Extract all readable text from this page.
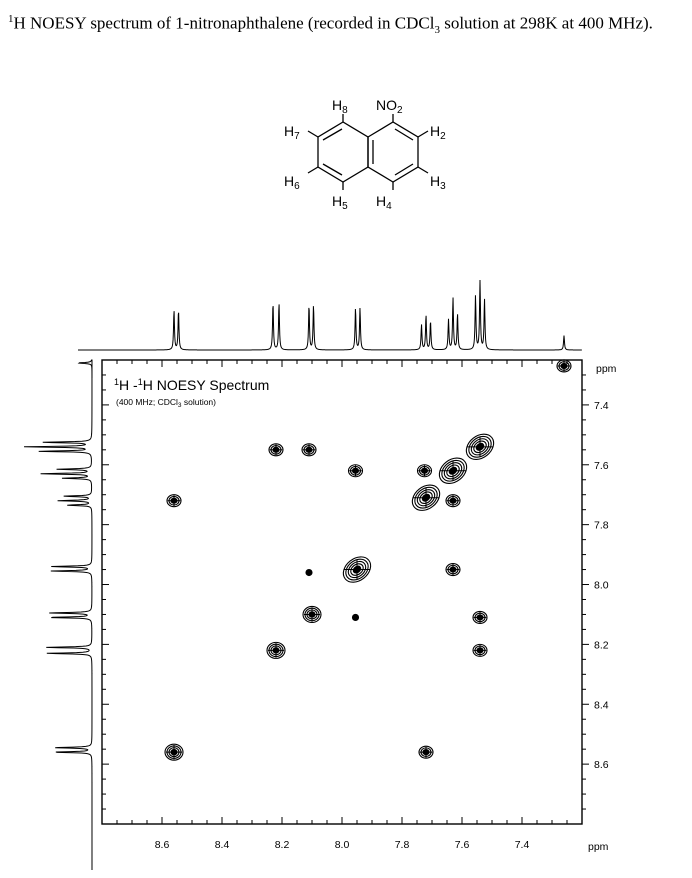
$^1$H NOESY spectrum of 1-nitronaphthalene (recorded in CDCl$_3$ solution at 298K at 400 MHz).
$H_8$ $NO_2$
$H_7$	$H_2$
$H_6$	$H_3$
$H_5$ $H_4$
8.6	8.4	8.2	8.0	7.8	7.6	7.4
7.4
7.6
7.8
8.0
8.2
8.4
8.6
ppm
ppm
$^1$H -$^1$H NOESY Spectrum
(400 MHz; CDCl$_3$ solution)
